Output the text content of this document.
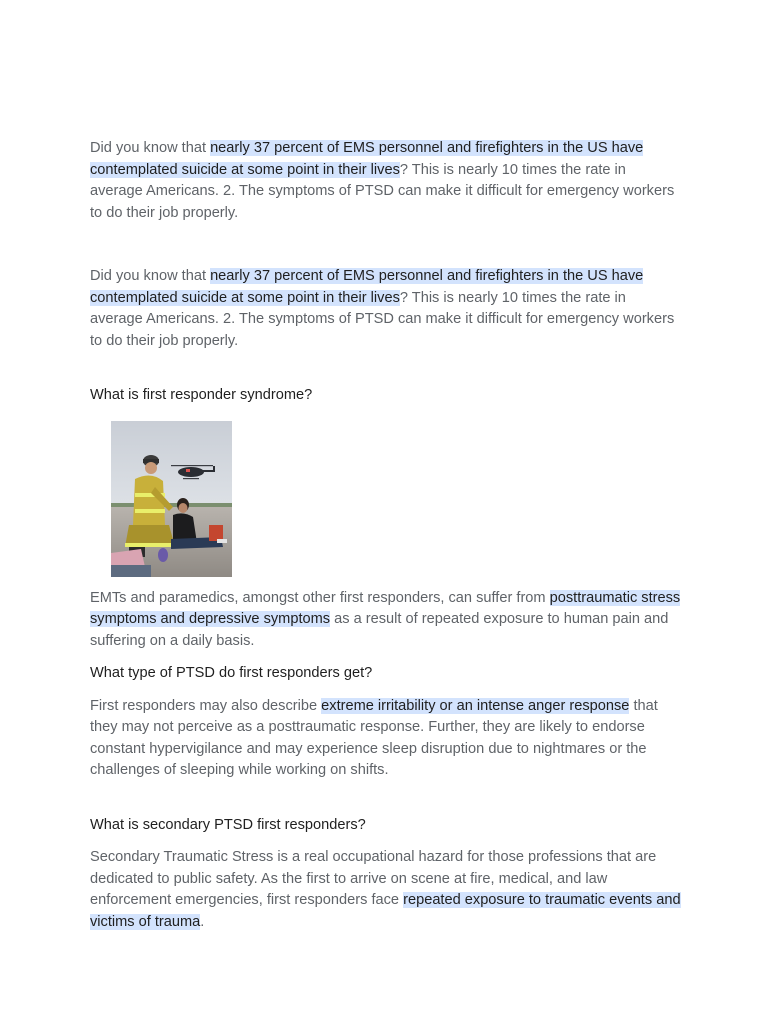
Did you know that nearly 37 percent of EMS personnel and firefighters in the US have contemplated suicide at some point in their lives? This is nearly 10 times the rate in average Americans. 2. The symptoms of PTSD can make it difficult for emergency workers to do their job properly.

Did you know that nearly 37 percent of EMS personnel and firefighters in the US have contemplated suicide at some point in their lives? This is nearly 10 times the rate in average Americans. 2. The symptoms of PTSD can make it difficult for emergency workers to do their job properly.

What is first responder syndrome?

EMTs and paramedics, amongst other first responders, can suffer from posttraumatic stress symptoms and depressive symptoms as a result of repeated exposure to human pain and suffering on a daily basis.

What type of PTSD do first responders get?

First responders may also describe extreme irritability or an intense anger response that they may not perceive as a posttraumatic response. Further, they are likely to endorse constant hypervigilance and may experience sleep disruption due to nightmares or the challenges of sleeping while working on shifts.

What is secondary PTSD first responders?

Secondary Traumatic Stress is a real occupational hazard for those professions that are dedicated to public safety. As the first to arrive on scene at fire, medical, and law enforcement emergencies, first responders face repeated exposure to traumatic events and victims of trauma.
